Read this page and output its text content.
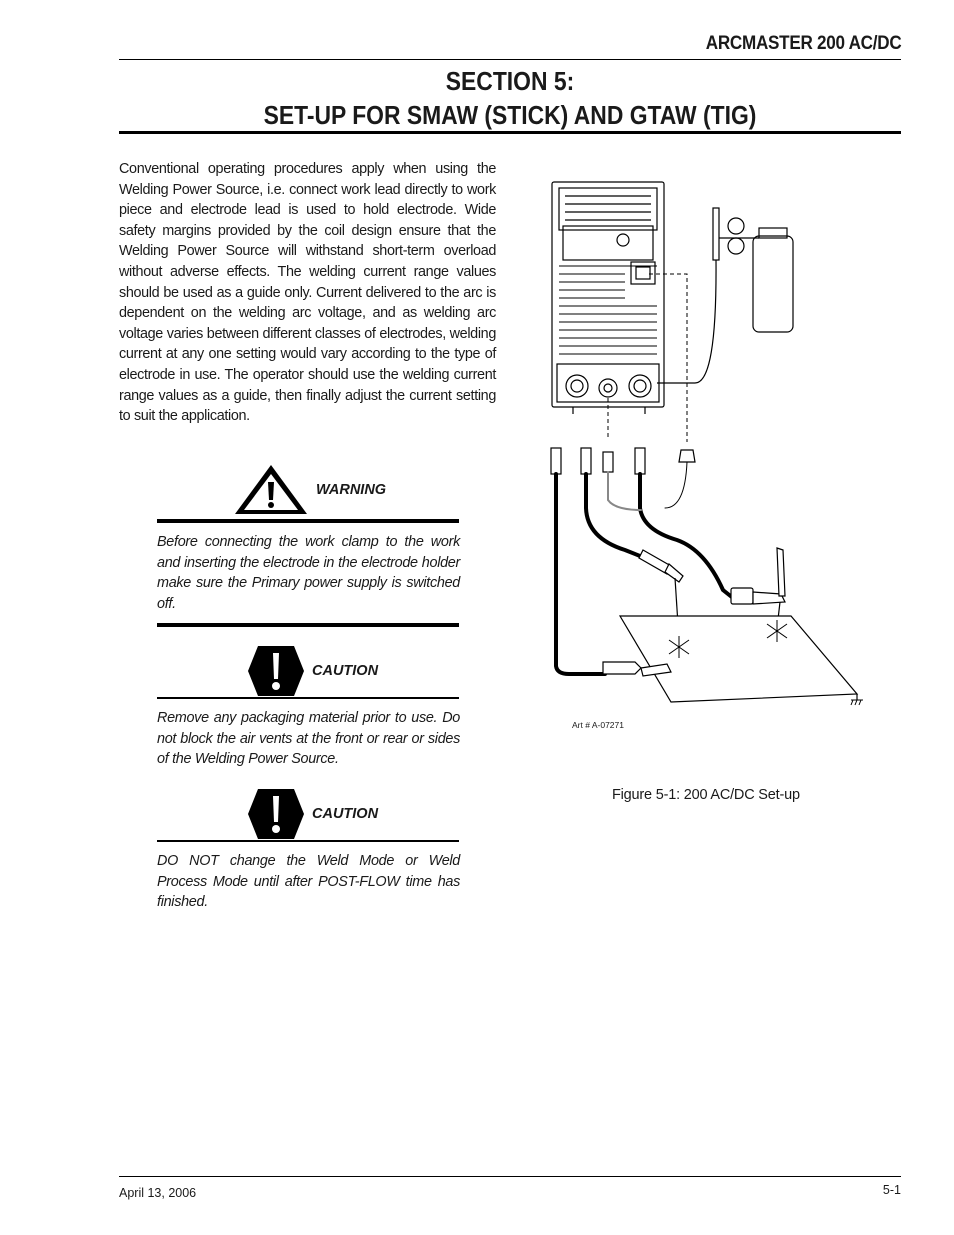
ARCMASTER 200 AC/DC
SECTION 5:
SET-UP FOR SMAW (STICK) AND GTAW (TIG)

Conventional operating procedures apply when using the Welding Power Source, i.e. connect work lead directly to work piece and electrode lead is used to hold electrode. Wide safety margins provided by the coil design ensure that the Welding Power Source will withstand short-term overload without adverse effects. The welding current range values should be used as a guide only. Current delivered to the arc is dependent on the welding arc voltage, and as welding arc voltage varies between different classes of electrodes, welding current at any one setting would vary according to the type of electrode in use. The operator should use the welding current range values as a guide, then finally adjust the current setting to suit the application.

WARNING

Before connecting the work clamp to the work and inserting the electrode in the electrode holder make sure the Primary power supply is switched off.

CAUTION

Remove any packaging material prior to use. Do not block the air vents at the front or rear or sides of the Welding Power Source.

CAUTION

DO NOT change the Weld Mode or Weld Process Mode until after POST-FLOW time has finished.

Art # A-07271
Figure 5-1: 200 AC/DC Set-up
April 13, 2006	5-1
